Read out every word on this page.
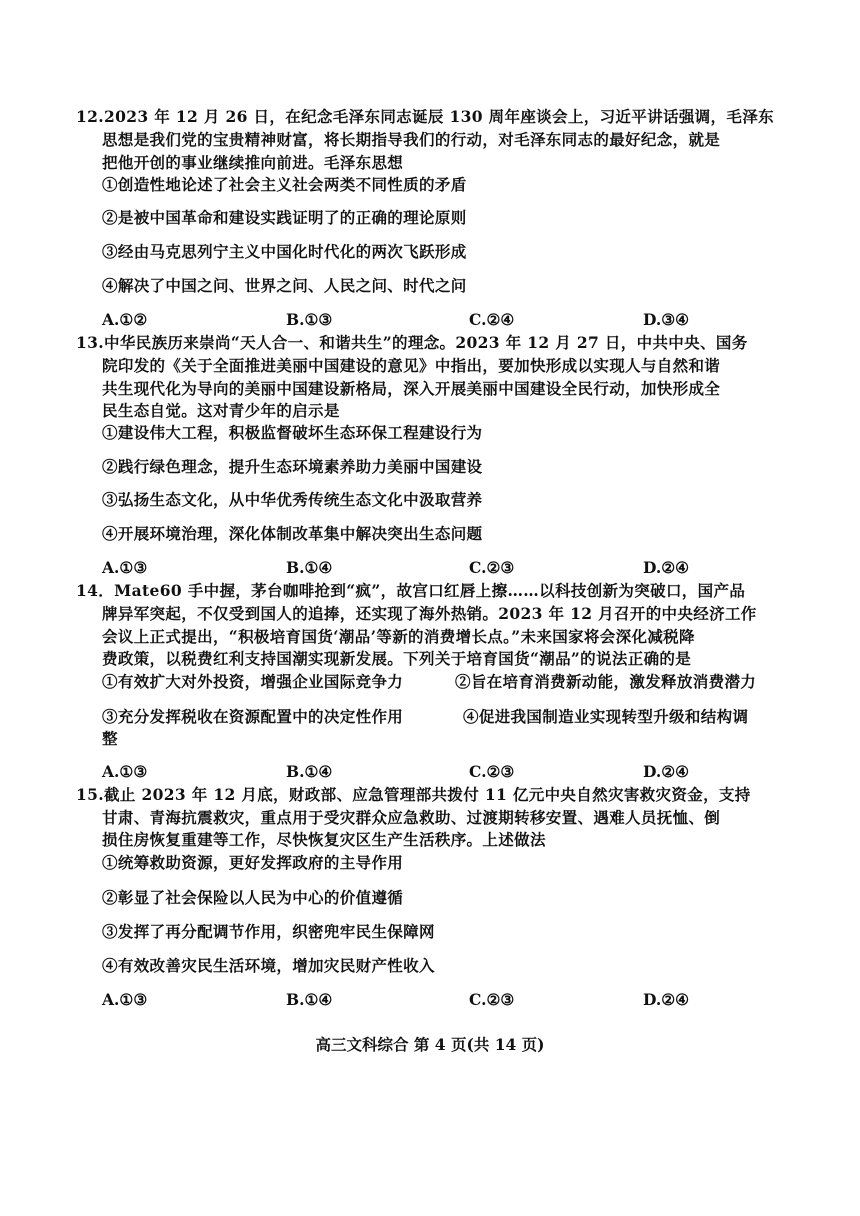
12.2023 年 12 月 26 日，在纪念毛泽东同志诞辰 130 周年座谈会上，习近平讲话强调，毛泽东
思想是我们党的宝贵精神财富，将长期指导我们的行动，对毛泽东同志的最好纪念，就是
把他开创的事业继续推向前进。毛泽东思想
①创造性地论述了社会主义社会两类不同性质的矛盾
②是被中国革命和建设实践证明了的正确的理论原则
③经由马克思列宁主义中国化时代化的两次飞跃形成
④解决了中国之问、世界之问、人民之问、时代之问
A.①②	B.①③	C.②④	D.③④
13.中华民族历来崇尚“天人合一、和谐共生”的理念。2023 年 12 月 27 日，中共中央、国务
院印发的《关于全面推进美丽中国建设的意见》中指出，要加快形成以实现人与自然和谐
共生现代化为导向的美丽中国建设新格局，深入开展美丽中国建设全民行动，加快形成全
民生态自觉。这对青少年的启示是
①建设伟大工程，积极监督破坏生态环保工程建设行为
②践行绿色理念，提升生态环境素养助力美丽中国建设
③弘扬生态文化，从中华优秀传统生态文化中汲取营养
④开展环境治理，深化体制改革集中解决突出生态问题
A.①③	B.①④	C.②③	D.②④
14．Mate60 手中握，茅台咖啡抢到“疯”，故宫口红唇上擦……以科技创新为突破口，国产品
牌异军突起，不仅受到国人的追捧，还实现了海外热销。2023 年 12 月召开的中央经济工作
会议上正式提出，“积极培育国货‘潮品’等新的消费增长点。”未来国家将会深化减税降
费政策，以税费红利支持国潮实现新发展。下列关于培育国货“潮品”的说法正确的是
①有效扩大对外投资，增强企业国际竞争力	②旨在培育消费新动能，激发释放消费潜力
③充分发挥税收在资源配置中的决定性作用	④促进我国制造业实现转型升级和结构调
整
A.①③	B.①④	C.②③	D.②④
15.截止 2023 年 12 月底，财政部、应急管理部共拨付 11 亿元中央自然灾害救灾资金，支持
甘肃、青海抗震救灾，重点用于受灾群众应急救助、过渡期转移安置、遇难人员抚恤、倒
损住房恢复重建等工作，尽快恢复灾区生产生活秩序。上述做法
①统筹救助资源，更好发挥政府的主导作用
②彰显了社会保险以人民为中心的价值遵循
③发挥了再分配调节作用，织密兜牢民生保障网
④有效改善灾民生活环境，增加灾民财产性收入
A.①③	B.①④	C.②③	D.②④
高三文科综合 第 4 页(共 14 页)
